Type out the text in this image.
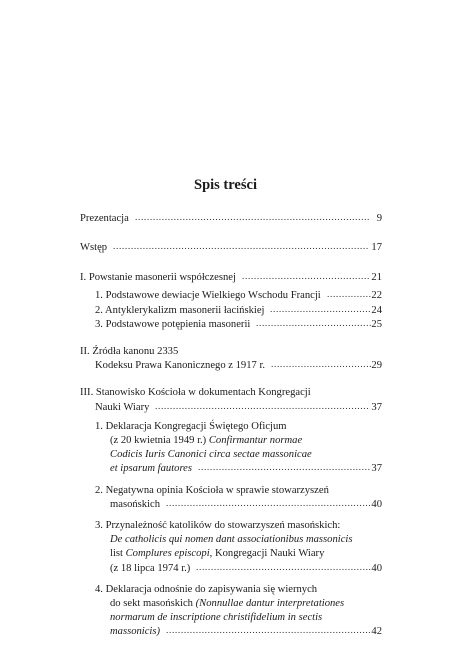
Spis treści
Prezentacja ............................................................................... 9
Wstęp ...................................................................................... 17
I. Powstanie masonerii współczesnej ........................................... 21
1. Podstawowe dewiacje Wielkiego Wschodu Francji ............... 22
2. Antyklerykalizm masonerii łacińskiej .................................. 24
3. Podstawowe potępienia masonerii ....................................... 25
II. Źródła kanonu 2335
Kodeksu Prawa Kanonicznego z 1917 r. .................................. 29
III. Stanowisko Kościoła w dokumentach Kongregacji
Nauki Wiary ........................................................................ 37
1. Deklaracja Kongregacji Świętego Oficjum
(z 20 kwietnia 1949 r.) Confirmantur normae
Codicis Iuris Canonici circa sectae massonicae
et ipsarum fautores .......................................................... 37
2. Negatywna opinia Kościoła w sprawie stowarzyszeń
masońskich ..................................................................... 40
3. Przynależność katolików do stowarzyszeń masońskich:
De catholicis qui nomen dant associationibus massonicis
list Complures episcopi, Kongregacji Nauki Wiary
(z 18 lipca 1974 r.) ........................................................... 40
4. Deklaracja odnośnie do zapisywania się wiernych
do sekt masońskich (Nonnullae dantur interpretationes
normarum de inscriptione christifidelium in sectis
massonicis) ..................................................................... 42
